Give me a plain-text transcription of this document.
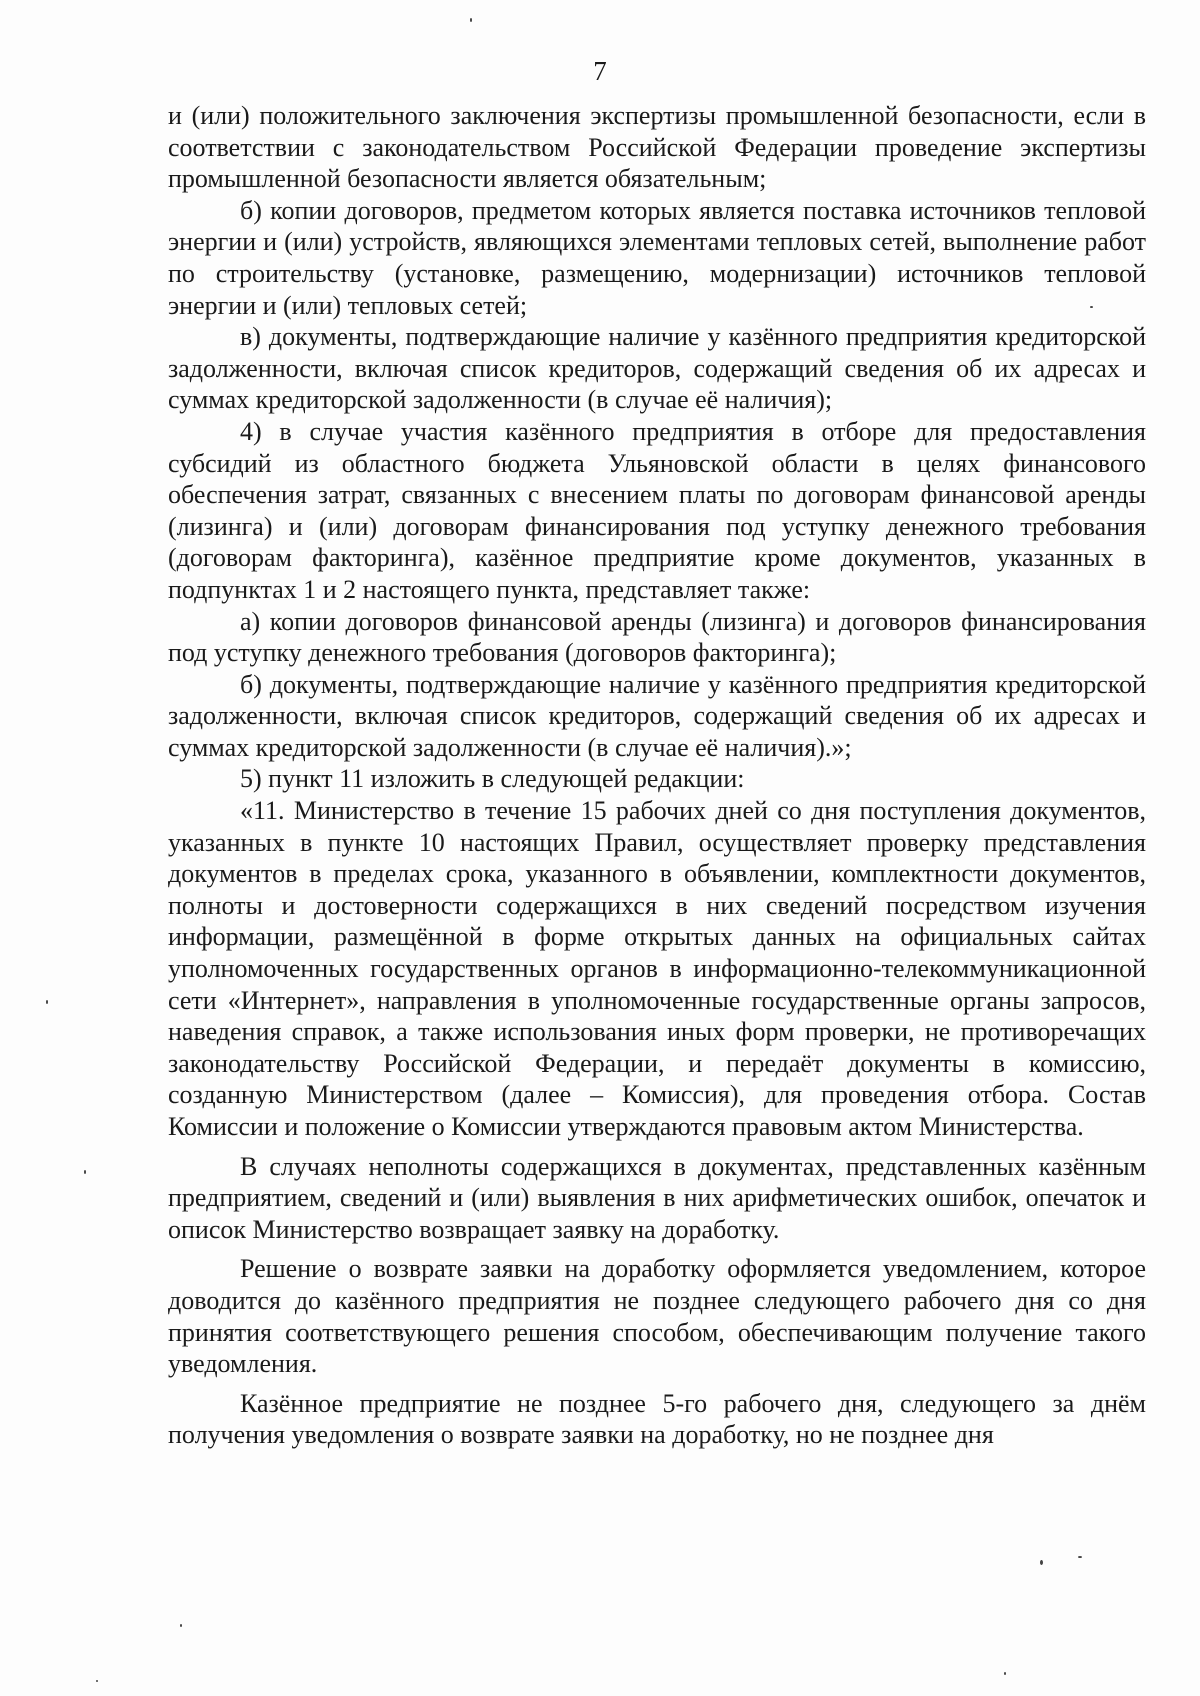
7

и (или) положительного заключения экспертизы промышленной безопасности, если в соответствии с законодательством Российской Федерации проведение экспертизы промышленной безопасности является обязательным;

б) копии договоров, предметом которых является поставка источников тепловой энергии и (или) устройств, являющихся элементами тепловых сетей, выполнение работ по строительству (установке, размещению, модернизации) источников тепловой энергии и (или) тепловых сетей;

в) документы, подтверждающие наличие у казённого предприятия кредиторской задолженности, включая список кредиторов, содержащий сведения об их адресах и суммах кредиторской задолженности (в случае её наличия);

4) в случае участия казённого предприятия в отборе для предоставления субсидий из областного бюджета Ульяновской области в целях финансового обеспечения затрат, связанных с внесением платы по договорам финансовой аренды (лизинга) и (или) договорам финансирования под уступку денежного требования (договорам факторинга), казённое предприятие кроме документов, указанных в подпунктах 1 и 2 настоящего пункта, представляет также:

а) копии договоров финансовой аренды (лизинга) и договоров финансирования под уступку денежного требования (договоров факторинга);

б) документы, подтверждающие наличие у казённого предприятия кредиторской задолженности, включая список кредиторов, содержащий сведения об их адресах и суммах кредиторской задолженности (в случае её наличия).»;

5) пункт 11 изложить в следующей редакции:

«11. Министерство в течение 15 рабочих дней со дня поступления документов, указанных в пункте 10 настоящих Правил, осуществляет проверку представления документов в пределах срока, указанного в объявлении, комплектности документов, полноты и достоверности содержащихся в них сведений посредством изучения информации, размещённой в форме открытых данных на официальных сайтах уполномоченных государственных органов в информационно-телекоммуникационной сети «Интернет», направления в уполномоченные государственные органы запросов, наведения справок, а также использования иных форм проверки, не противоречащих законодательству Российской Федерации, и передаёт документы в комиссию, созданную Министерством (далее – Комиссия), для проведения отбора. Состав Комиссии и положение о Комиссии утверждаются правовым актом Министерства.

В случаях неполноты содержащихся в документах, представленных казённым предприятием, сведений и (или) выявления в них арифметических ошибок, опечаток и описок Министерство возвращает заявку на доработку.

Решение о возврате заявки на доработку оформляется уведомлением, которое доводится до казённого предприятия не позднее следующего рабочего дня со дня принятия соответствующего решения способом, обеспечивающим получение такого уведомления.

Казённое предприятие не позднее 5-го рабочего дня, следующего за днём получения уведомления о возврате заявки на доработку, но не позднее дня
